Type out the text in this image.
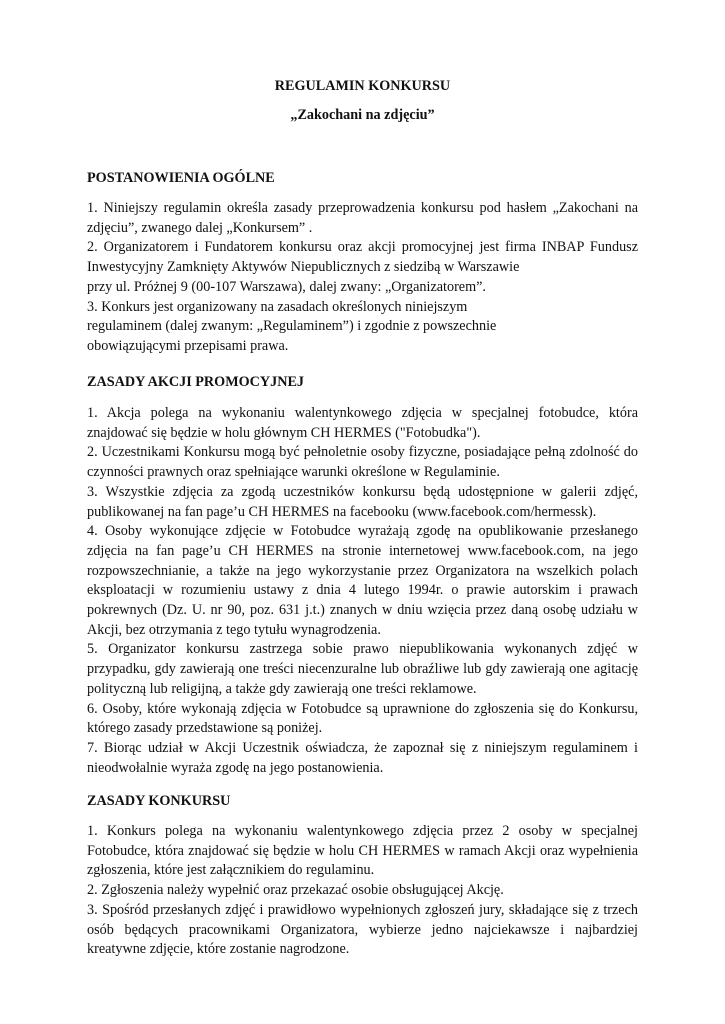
REGULAMIN KONKURSU
„Zakochani na zdjęciu”
POSTANOWIENIA OGÓLNE

1. Niniejszy regulamin określa zasady przeprowadzenia konkursu pod hasłem „Zakochani na zdjęciu”, zwanego dalej „Konkursem” .

2. Organizatorem i Fundatorem konkursu oraz akcji promocyjnej jest firma INBAP Fundusz Inwestycyjny Zamknięty Aktywów Niepublicznych z siedzibą w Warszawie

przy ul. Próżnej 9 (00-107 Warszawa), dalej zwany: „Organizatorem”.

3. Konkurs jest organizowany na zasadach określonych niniejszym

regulaminem (dalej zwanym: „Regulaminem”) i zgodnie z powszechnie

obowiązującymi przepisami prawa.

ZASADY AKCJI PROMOCYJNEJ

1. Akcja polega na wykonaniu walentynkowego zdjęcia w specjalnej fotobudce, która znajdować się będzie w holu głównym CH HERMES ("Fotobudka").

2. Uczestnikami Konkursu mogą być pełnoletnie osoby fizyczne, posiadające pełną zdolność do czynności prawnych oraz spełniające warunki określone w Regulaminie.

3. Wszystkie zdjęcia za zgodą uczestników konkursu będą udostępnione w galerii zdjęć, publikowanej na fan page’u CH HERMES na facebooku (www.facebook.com/hermessk).

4. Osoby wykonujące zdjęcie w Fotobudce wyrażają zgodę na opublikowanie przesłanego zdjęcia na fan page’u CH HERMES na stronie internetowej www.facebook.com, na jego rozpowszechnianie, a także na jego wykorzystanie przez Organizatora na wszelkich polach eksploatacji w rozumieniu ustawy z dnia 4 lutego 1994r. o prawie autorskim i prawach pokrewnych (Dz. U. nr 90, poz. 631 j.t.) znanych w dniu wzięcia przez daną osobę udziału w Akcji, bez otrzymania z tego tytułu wynagrodzenia.

5. Organizator konkursu zastrzega sobie prawo niepublikowania wykonanych zdjęć w przypadku, gdy zawierają one treści niecenzuralne lub obraźliwe lub gdy zawierają one agitację polityczną lub religijną, a także gdy zawierają one treści reklamowe.

6. Osoby, które wykonają zdjęcia w Fotobudce są uprawnione do zgłoszenia się do Konkursu, którego zasady przedstawione są poniżej.

7. Biorąc udział w Akcji Uczestnik oświadcza, że zapoznał się z niniejszym regulaminem i nieodwołalnie wyraża zgodę na jego postanowienia.

ZASADY KONKURSU

1. Konkurs polega na wykonaniu walentynkowego zdjęcia przez 2 osoby w specjalnej Fotobudce, która znajdować się będzie w holu CH HERMES w ramach Akcji oraz wypełnienia zgłoszenia, które jest załącznikiem do regulaminu.

2. Zgłoszenia należy wypełnić oraz przekazać osobie obsługującej Akcję.

3. Spośród przesłanych zdjęć i prawidłowo wypełnionych zgłoszeń jury, składające się z trzech osób będących pracownikami Organizatora, wybierze jedno najciekawsze i najbardziej kreatywne zdjęcie, które zostanie nagrodzone.
